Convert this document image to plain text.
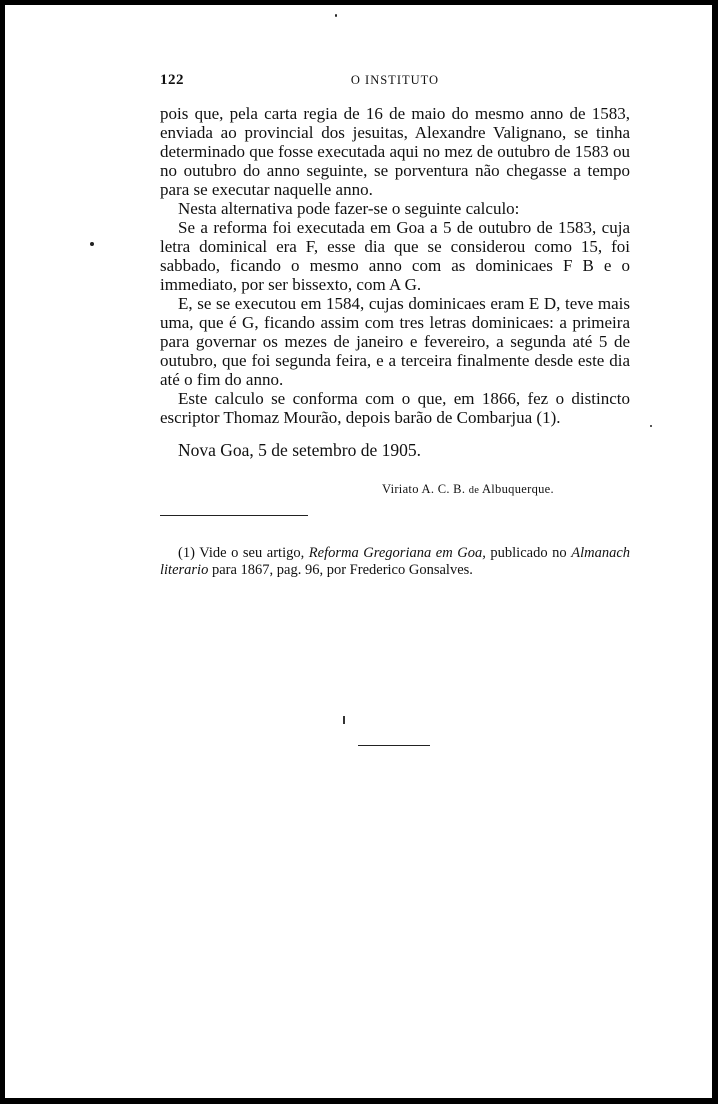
122	O INSTITUTO

pois que, pela carta regia de 16 de maio do mesmo anno de 1583, enviada ao provincial dos jesuitas, Alexandre Valignano, se tinha determinado que fosse executada aqui no mez de outubro de 1583 ou no outubro do anno seguinte, se porventura não chegasse a tempo para se executar naquelle anno.

Nesta alternativa pode fazer-se o seguinte calculo:

Se a reforma foi executada em Goa a 5 de outubro de 1583, cuja letra dominical era F, esse dia que se considerou como 15, foi sabbado, ficando o mesmo anno com as dominicaes F B e o immediato, por ser bissexto, com A G.

E, se se executou em 1584, cujas dominicaes eram E D, teve mais uma, que é G, ficando assim com tres letras dominicaes: a primeira para governar os mezes de janeiro e fevereiro, a segunda até 5 de outubro, que foi segunda feira, e a terceira finalmente desde este dia até o fim do anno.

Este calculo se conforma com o que, em 1866, fez o distincto escriptor Thomaz Mourão, depois barão de Combarjua (1).

Nova Goa, 5 de setembro de 1905.
Viriato A. C. B. de Albuquerque.
(1) Vide o seu artigo, Reforma Gregoriana em Goa, publicado no Almanach literario para 1867, pag. 96, por Frederico Gonsalves.
